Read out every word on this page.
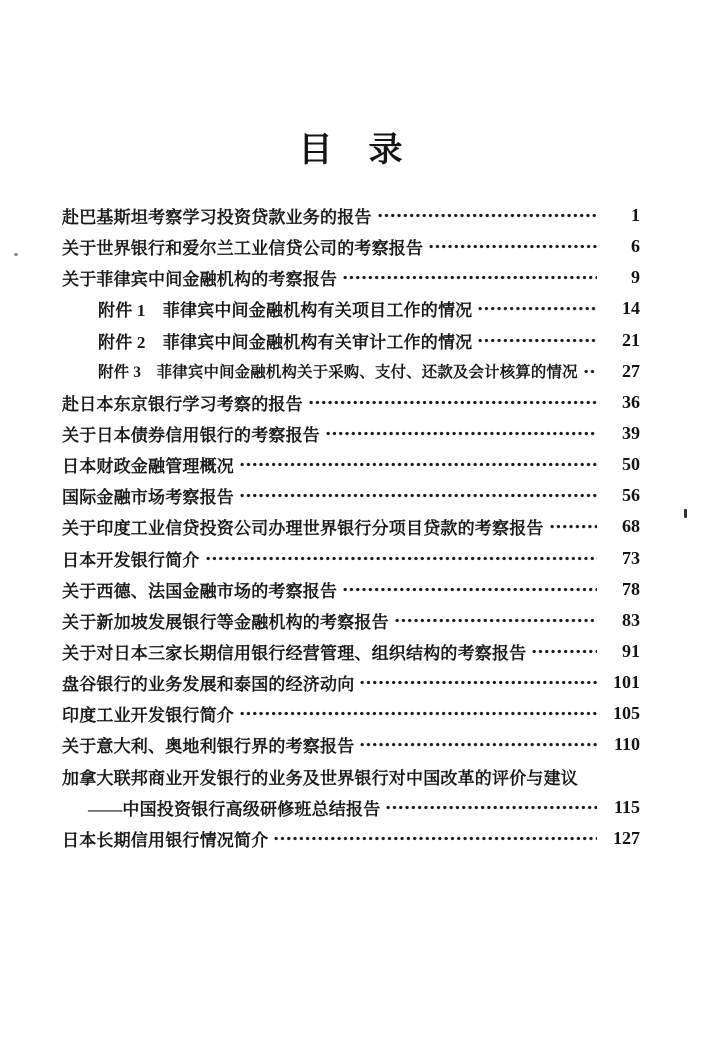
目　录
赴巴基斯坦考察学习投资贷款业务的报告	1
关于世界银行和爱尔兰工业信贷公司的考察报告	6
关于菲律宾中间金融机构的考察报告	9
附件 1　菲律宾中间金融机构有关项目工作的情况	14
附件 2　菲律宾中间金融机构有关审计工作的情况	21
附件 3　菲律宾中间金融机构关于采购、支付、还款及会计核算的情况	27
赴日本东京银行学习考察的报告	36
关于日本债券信用银行的考察报告	39
日本财政金融管理概况	50
国际金融市场考察报告	56
关于印度工业信贷投资公司办理世界银行分项目贷款的考察报告	68
日本开发银行简介	73
关于西德、法国金融市场的考察报告	78
关于新加坡发展银行等金融机构的考察报告	83
关于对日本三家长期信用银行经营管理、组织结构的考察报告	91
盘谷银行的业务发展和泰国的经济动向	101
印度工业开发银行简介	105
关于意大利、奥地利银行界的考察报告	110
加拿大联邦商业开发银行的业务及世界银行对中国改革的评价与建议
——中国投资银行高级研修班总结报告	115
日本长期信用银行情况简介	127
